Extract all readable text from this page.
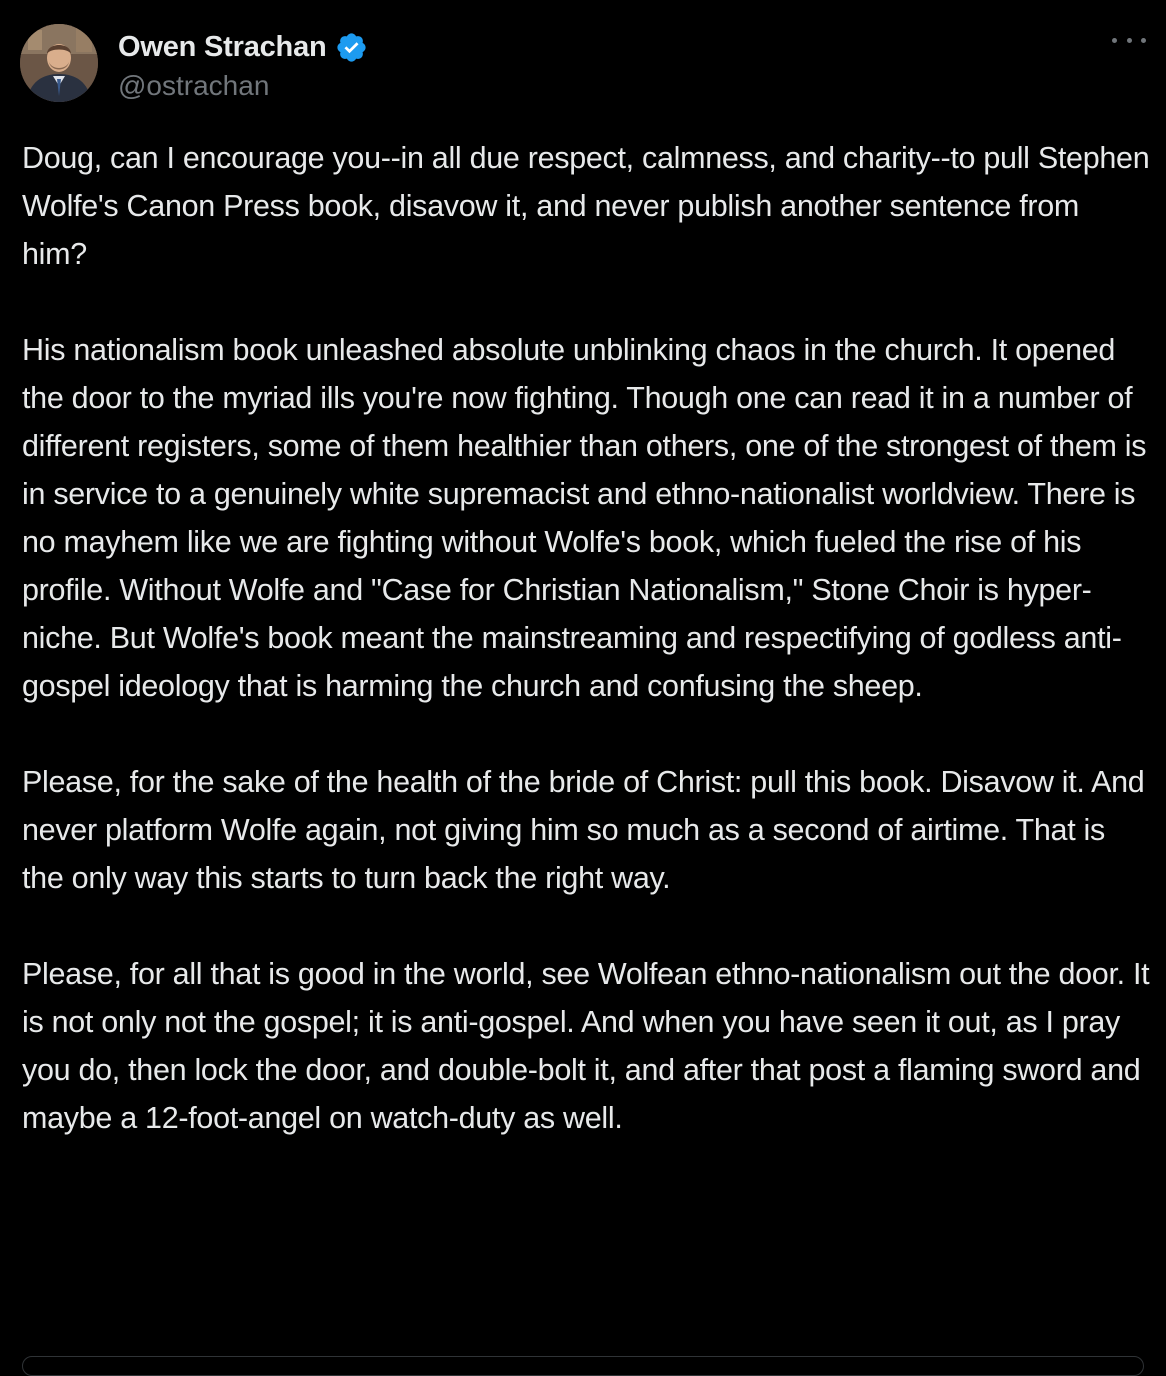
Owen Strachan
@ostrachan

Doug, can I encourage you--in all due respect, calmness, and charity--to pull Stephen Wolfe's Canon Press book, disavow it, and never publish another sentence from him?

His nationalism book unleashed absolute unblinking chaos in the church. It opened the door to the myriad ills you're now fighting. Though one can read it in a number of different registers, some of them healthier than others, one of the strongest of them is in service to a genuinely white supremacist and ethno-nationalist worldview. There is no mayhem like we are fighting without Wolfe's book, which fueled the rise of his profile. Without Wolfe and "Case for Christian Nationalism," Stone Choir is hyper-niche. But Wolfe's book meant the mainstreaming and respectifying of godless anti-gospel ideology that is harming the church and confusing the sheep.

Please, for the sake of the health of the bride of Christ: pull this book. Disavow it. And never platform Wolfe again, not giving him so much as a second of airtime. That is the only way this starts to turn back the right way.

Please, for all that is good in the world, see Wolfean ethno-nationalism out the door. It is not only not the gospel; it is anti-gospel. And when you have seen it out, as I pray you do, then lock the door, and double-bolt it, and after that post a flaming sword and maybe a 12-foot-angel on watch-duty as well.
